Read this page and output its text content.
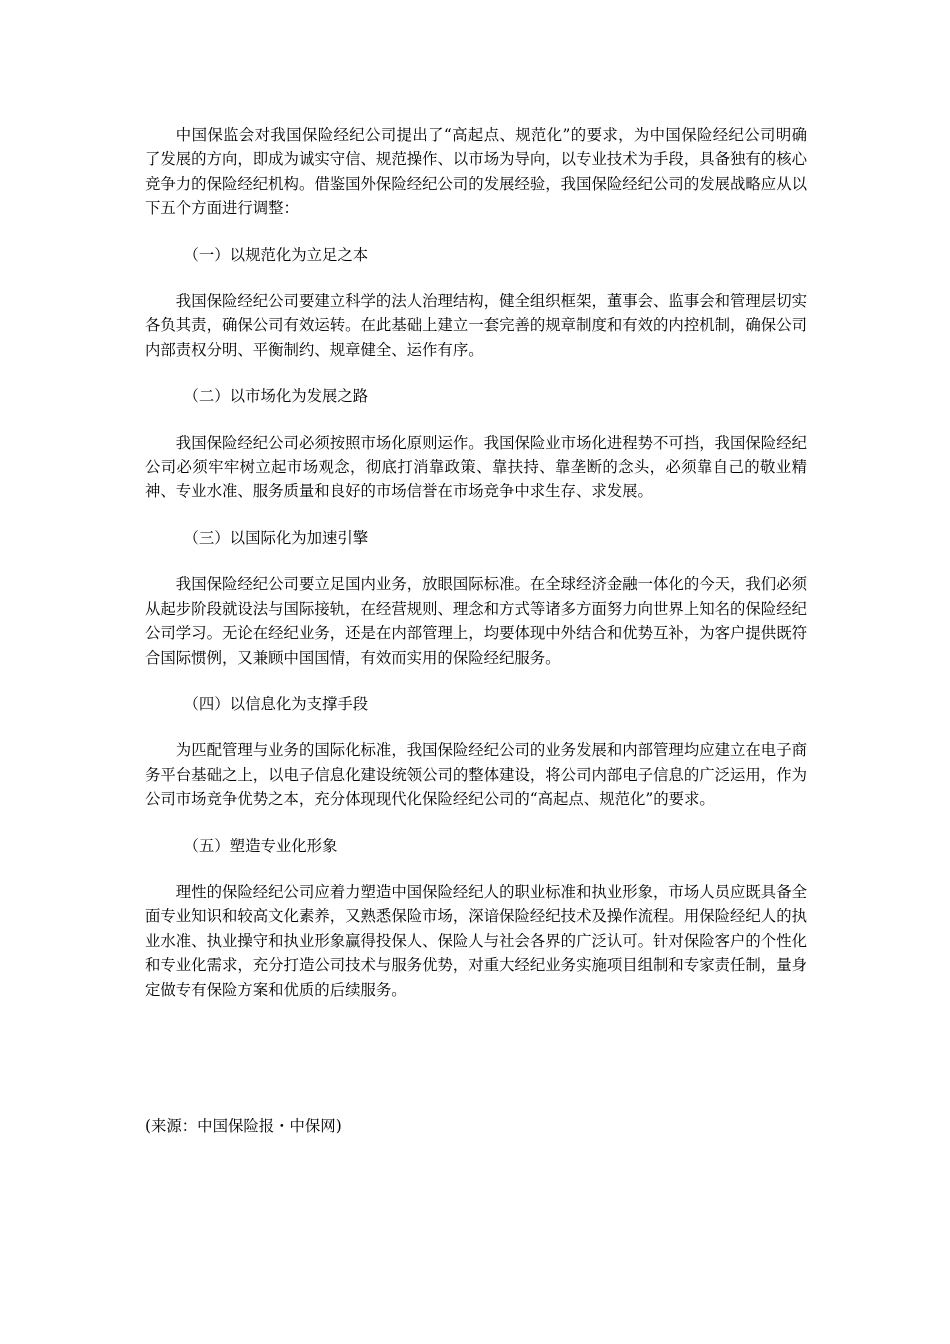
中国保监会对我国保险经纪公司提出了“高起点、规范化”的要求，为中国保险经纪公司明确了发展的方向，即成为诚实守信、规范操作、以市场为导向，以专业技术为手段，具备独有的核心竞争力的保险经纪机构。借鉴国外保险经纪公司的发展经验，我国保险经纪公司的发展战略应从以下五个方面进行调整：

（一）以规范化为立足之本

我国保险经纪公司要建立科学的法人治理结构，健全组织框架，董事会、监事会和管理层切实各负其责，确保公司有效运转。在此基础上建立一套完善的规章制度和有效的内控机制，确保公司内部责权分明、平衡制约、规章健全、运作有序。

（二）以市场化为发展之路

我国保险经纪公司必须按照市场化原则运作。我国保险业市场化进程势不可挡，我国保险经纪公司必须牢牢树立起市场观念，彻底打消靠政策、靠扶持、靠垄断的念头，必须靠自己的敬业精神、专业水准、服务质量和良好的市场信誉在市场竞争中求生存、求发展。

（三）以国际化为加速引擎

我国保险经纪公司要立足国内业务，放眼国际标准。在全球经济金融一体化的今天，我们必须从起步阶段就设法与国际接轨，在经营规则、理念和方式等诸多方面努力向世界上知名的保险经纪公司学习。无论在经纪业务，还是在内部管理上，均要体现中外结合和优势互补，为客户提供既符合国际惯例，又兼顾中国国情，有效而实用的保险经纪服务。

（四）以信息化为支撑手段

为匹配管理与业务的国际化标准，我国保险经纪公司的业务发展和内部管理均应建立在电子商务平台基础之上，以电子信息化建设统领公司的整体建设，将公司内部电子信息的广泛运用，作为公司市场竞争优势之本，充分体现现代化保险经纪公司的“高起点、规范化”的要求。

（五）塑造专业化形象

理性的保险经纪公司应着力塑造中国保险经纪人的职业标准和执业形象，市场人员应既具备全面专业知识和较高文化素养，又熟悉保险市场，深谙保险经纪技术及操作流程。用保险经纪人的执业水准、执业操守和执业形象赢得投保人、保险人与社会各界的广泛认可。针对保险客户的个性化和专业化需求，充分打造公司技术与服务优势，对重大经纪业务实施项目组制和专家责任制，量身定做专有保险方案和优质的后续服务。

(来源：中国保险报・中保网)
